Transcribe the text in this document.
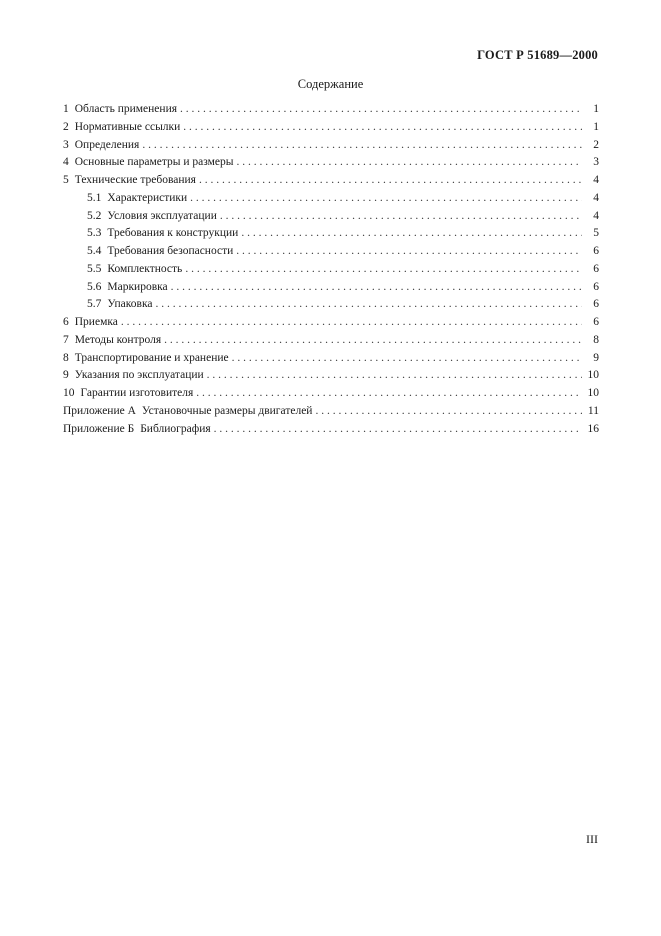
ГОСТ Р 51689—2000
Содержание
1 Область применения . . .	1
2 Нормативные ссылки . . .	1
3 Определения . . .	2
4 Основные параметры и размеры . . .	3
5 Технические требования . . .	4
5.1 Характеристики . . .	4
5.2 Условия эксплуатации . . .	4
5.3 Требования к конструкции . . .	5
5.4 Требования безопасности . . .	6
5.5 Комплектность . . .	6
5.6 Маркировка . . .	6
5.7 Упаковка . . .	6
6 Приемка . . .	6
7 Методы контроля . . .	8
8 Транспортирование и хранение . . .	9
9 Указания по эксплуатации . . .	10
10 Гарантии изготовителя . . .	10
Приложение А Установочные размеры двигателей . . .	11
Приложение Б Библиография . . .	16
III
